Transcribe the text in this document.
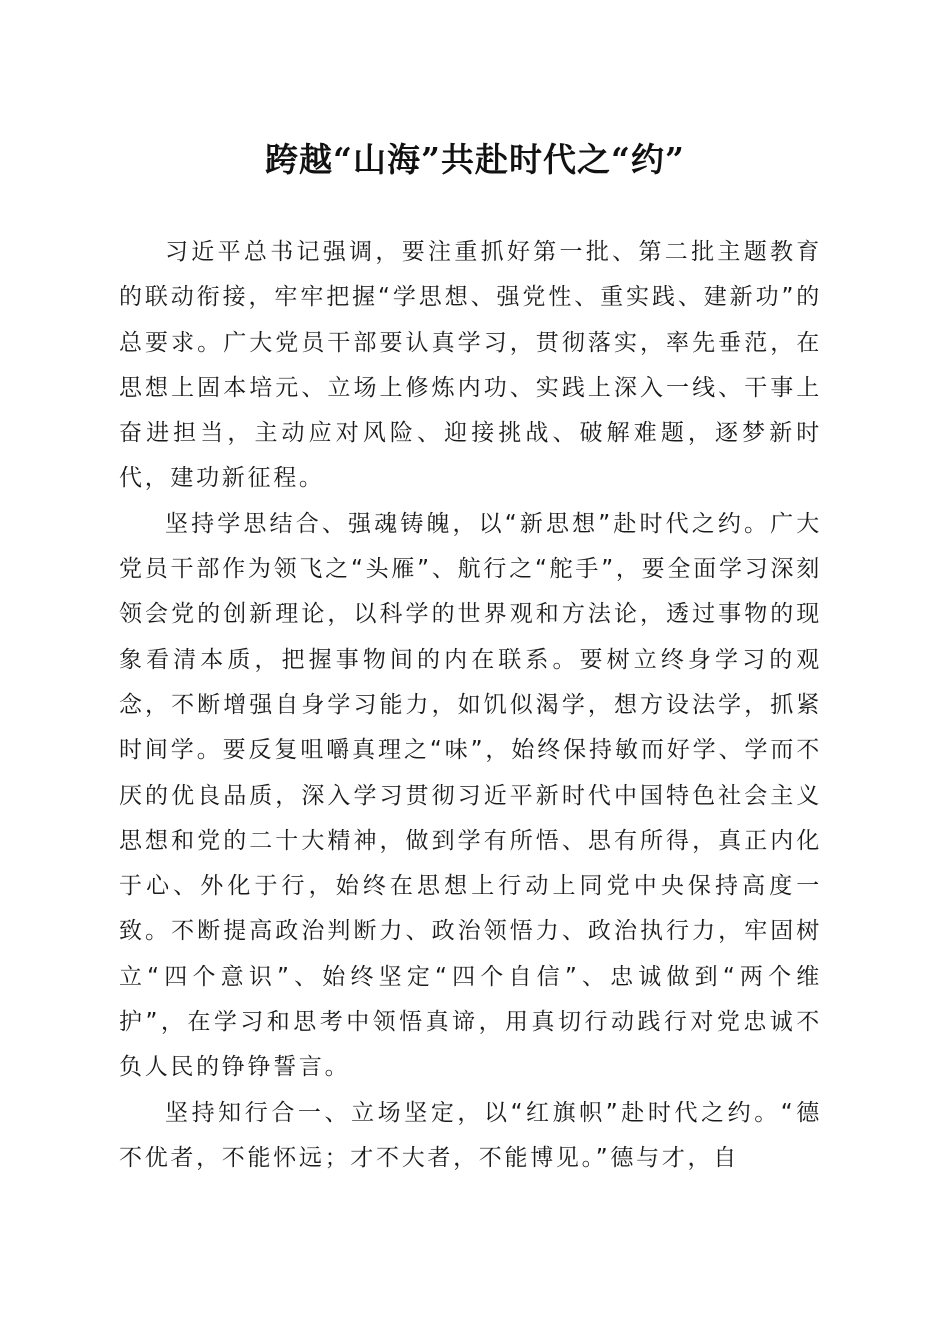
跨越“山海”共赴时代之“约”

习近平总书记强调，要注重抓好第一批、第二批主题教育的联动衔接，牢牢把握“学思想、强党性、重实践、建新功”的总要求。广大党员干部要认真学习，贯彻落实，率先垂范，在思想上固本培元、立场上修炼内功、实践上深入一线、干事上奋进担当，主动应对风险、迎接挑战、破解难题，逐梦新时代，建功新征程。

坚持学思结合、强魂铸魄，以“新思想”赴时代之约。广大党员干部作为领飞之“头雁”、航行之“舵手”，要全面学习深刻领会党的创新理论，以科学的世界观和方法论，透过事物的现象看清本质，把握事物间的内在联系。要树立终身学习的观念，不断增强自身学习能力，如饥似渴学，想方设法学，抓紧时间学。要反复咀嚼真理之“味”，始终保持敏而好学、学而不厌的优良品质，深入学习贯彻习近平新时代中国特色社会主义思想和党的二十大精神，做到学有所悟、思有所得，真正内化于心、外化于行，始终在思想上行动上同党中央保持高度一致。不断提高政治判断力、政治领悟力、政治执行力，牢固树立“四个意识”、始终坚定“四个自信”、忠诚做到“两个维护”，在学习和思考中领悟真谛，用真切行动践行对党忠诚不负人民的铮铮誓言。

坚持知行合一、立场坚定，以“红旗帜”赴时代之约。“德不优者，不能怀远；才不大者，不能博见。”德与才，自
